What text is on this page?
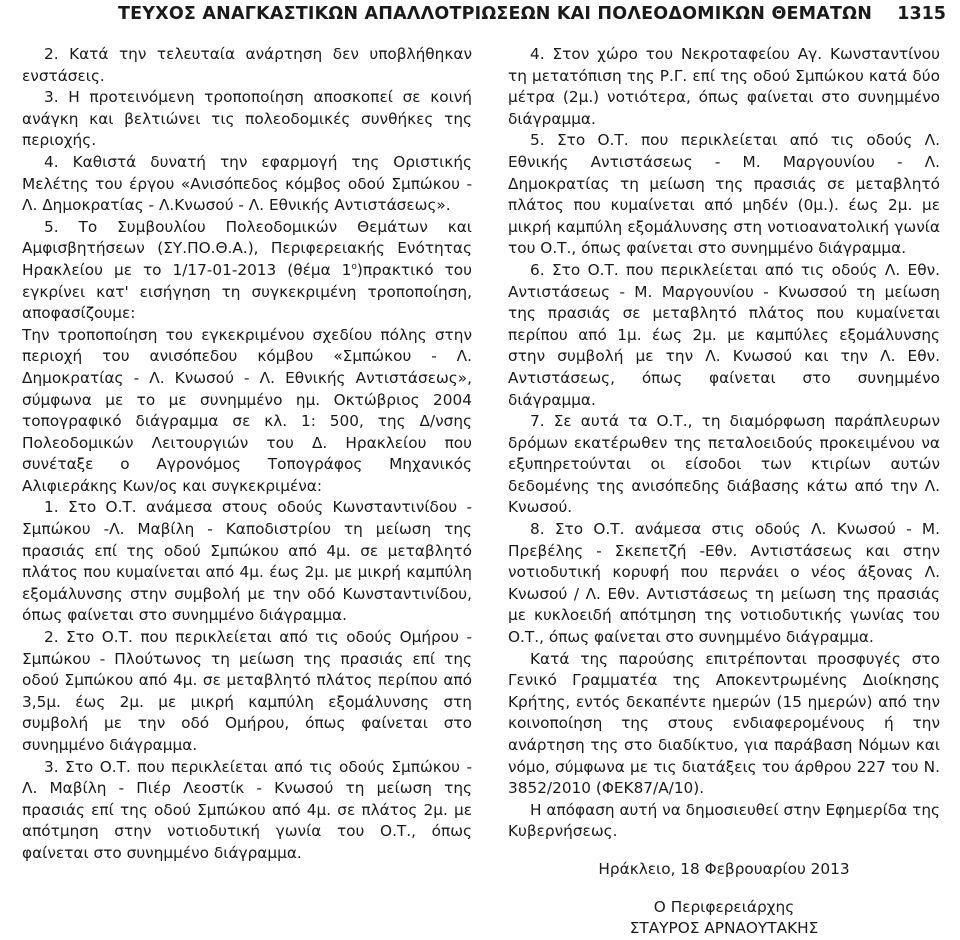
ΤΕΥΧΟΣ ΑΝΑΓΚΑΣΤΙΚΩΝ ΑΠΑΛΛΟΤΡΙΩΣΕΩΝ ΚΑΙ ΠΟΛΕΟΔΟΜΙΚΩΝ ΘΕΜΑΤΩΝ 1315

2. Κατά την τελευταία ανάρτηση δεν υποβλήθηκαν ενστάσεις.

3. Η προτεινόμενη τροποποίηση αποσκοπεί σε κοινή ανάγκη και βελτιώνει τις πολεοδομικές συνθήκες της περιοχής.

4. Καθιστά δυνατή την εφαρμογή της Οριστικής Μελέτης του έργου «Ανισόπεδος κόμβος οδού Σμπώκου - Λ. Δημοκρατίας - Λ.Κνωσού - Λ. Εθνικής Αντιστάσεως».

5. Το Συμβουλίου Πολεοδομικών Θεμάτων και Αμφισβητήσεων (ΣΥ.ΠΟ.Θ.Α.), Περιφερειακής Ενότητας Ηρακλείου με το 1/17-01-2013 (θέμα $1^o)\pi\rho\alpha\kappa\tau\iota\kappa ό$ του εγκρίνει κατ' εισήγηση τη συγκεκριμένη τροποποίηση, αποφασίζουμε:

Την τροποποίηση του εγκεκριμένου σχεδίου πόλης στην περιοχή του ανισόπεδου κόμβου «Σμπώκου - Λ. Δημοκρατίας - Λ. Κνωσού - Λ. Εθνικής Αντιστάσεως», σύμφωνα με το με συνημμένο ημ. Οκτώβριος 2004 τοπογραφικό διάγραμμα σε κλ. 1: 500, της Δ/νσης Πολεοδομικών Λειτουργιών του Δ. Ηρακλείου που συνέταξε ο Αγρονόμος Τοπογράφος Μηχανικός Αλιφιεράκης Κων/ος και συγκεκριμένα:

1. Στο Ο.Τ. ανάμεσα στους οδούς Κωνσταντινίδου - Σμπώκου -Λ. Μαβίλη - Καποδιστρίου τη μείωση της πρασιάς επί της οδού Σμπώκου από 4μ. σε μεταβλητό πλάτος που κυμαίνεται από 4μ. έως 2μ. με μικρή καμπύλη εξομάλυνσης στην συμβολή με την οδό Κωνσταντινίδου, όπως φαίνεται στο συνημμένο διάγραμμα.

2. Στο Ο.Τ. που περικλείεται από τις οδούς Ομήρου - Σμπώκου - Πλούτωνος τη μείωση της πρασιάς επί της οδού Σμπώκου από 4μ. σε μεταβλητό πλάτος περίπου από 3,5μ. έως 2μ. με μικρή καμπύλη εξομάλυνσης στη συμβολή με την οδό Ομήρου, όπως φαίνεται στο συνημμένο διάγραμμα.

3. Στο Ο.Τ. που περικλείεται από τις οδούς Σμπώκου - Λ. Μαβίλη - Πιέρ Λεοστίκ - Κνωσού τη μείωση της πρασιάς επί της οδού Σμπώκου από 4μ. σε πλάτος 2μ. με απότμηση στην νοτιοδυτική γωνία του Ο.Τ., όπως φαίνεται στο συνημμένο διάγραμμα.

4. Στον χώρο του Νεκροταφείου Αγ. Κωνσταντίνου τη μετατόπιση της Ρ.Γ. επί της οδού Σμπώκου κατά δύο μέτρα (2μ.) νοτιότερα, όπως φαίνεται στο συνημμένο διάγραμμα.

5. Στο Ο.Τ. που περικλείεται από τις οδούς Λ. Εθνικής Αντιστάσεως - Μ. Μαργουνίου - Λ. Δημοκρατίας τη μείωση της πρασιάς σε μεταβλητό πλάτος που κυμαίνεται από μηδέν (0μ.). έως 2μ. με μικρή καμπύλη εξομάλυνσης στη νοτιοανατολική γωνία του Ο.Τ., όπως φαίνεται στο συνημμένο διάγραμμα.

6. Στο Ο.Τ. που περικλείεται από τις οδούς Λ. Εθν. Αντιστάσεως - Μ. Μαργουνίου - Κνωσσού τη μείωση της πρασιάς σε μεταβλητό πλάτος που κυμαίνεται περίπου από 1μ. έως 2μ. με καμπύλες εξομάλυνσης στην συμβολή με την Λ. Κνωσού και την Λ. Εθν. Αντιστάσεως, όπως φαίνεται στο συνημμένο διάγραμμα.

7. Σε αυτά τα Ο.Τ., τη διαμόρφωση παράπλευρων δρόμων εκατέρωθεν της πεταλοειδούς προκειμένου να εξυπηρετούνται οι είσοδοι των κτιρίων αυτών δεδομένης της ανισόπεδης διάβασης κάτω από την Λ. Κνωσού.

8. Στο Ο.Τ. ανάμεσα στις οδούς Λ. Κνωσού - Μ. Πρεβέλης - Σκεπετζή -Εθν. Αντιστάσεως και στην νοτιοδυτική κορυφή που περνάει ο νέος άξονας Λ. Κνωσού / Λ. Εθν. Αντιστάσεως τη μείωση της πρασιάς με κυκλοειδή απότμηση της νοτιοδυτικής γωνίας του Ο.Τ., όπως φαίνεται στο συνημμένο διάγραμμα.

Κατά της παρούσης επιτρέπονται προσφυγές στο Γενικό Γραμματέα της Αποκεντρωμένης Διοίκησης Κρήτης, εντός δεκαπέντε ημερών (15 ημερών) από την κοινοποίηση της στους ενδιαφερομένους ή την ανάρτηση της στο διαδίκτυο, για παράβαση Νόμων και νόμο, σύμφωνα με τις διατάξεις του άρθρου 227 του Ν. 3852/2010 (ΦΕΚ87/Α/10).

Η απόφαση αυτή να δημοσιευθεί στην Εφημερίδα της Κυβερνήσεως.

Ηράκλειο, 18 Φεβρουαρίου 2013

Ο Περιφερειάρχης

ΣΤΑΥΡΟΣ ΑΡΝΑΟΥΤΑΚΗΣ
